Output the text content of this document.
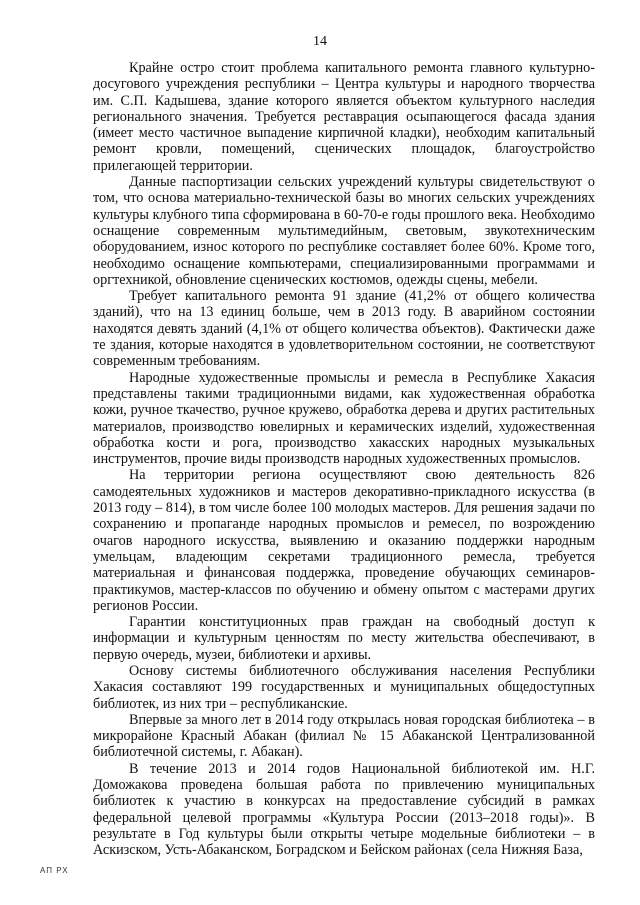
14

Крайне остро стоит проблема капитального ремонта главного культурно-досугового учреждения республики – Центра культуры и народного творчества им. С.П. Кадышева, здание которого является объектом культурного наследия регионального значения. Требуется реставрация осыпающегося фасада здания (имеет место частичное выпадение кирпичной кладки), необходим капитальный ремонт кровли, помещений, сценических площадок, благоустройство прилегающей территории.

Данные паспортизации сельских учреждений культуры свидетельствуют о том, что основа материально-технической базы во многих сельских учреждениях культуры клубного типа сформирована в 60-70-е годы прошлого века. Необходимо оснащение современным мультимедийным, световым, звукотехническим оборудованием, износ которого по республике составляет более 60%. Кроме того, необходимо оснащение компьютерами, специализированными программами и оргтехникой, обновление сценических костюмов, одежды сцены, мебели.

Требует капитального ремонта 91 здание (41,2% от общего количества зданий), что на 13 единиц больше, чем в 2013 году. В аварийном состоянии находятся девять зданий (4,1% от общего количества объектов). Фактически даже те здания, которые находятся в удовлетворительном состоянии, не соответствуют современным требованиям.

Народные художественные промыслы и ремесла в Республике Хакасия представлены такими традиционными видами, как художественная обработка кожи, ручное ткачество, ручное кружево, обработка дерева и других растительных материалов, производство ювелирных и керамических изделий, художественная обработка кости и рога, производство хакасских народных музыкальных инструментов, прочие виды производств народных художественных промыслов.

На территории региона осуществляют свою деятельность 826 самодеятельных художников и мастеров декоративно-прикладного искусства (в 2013 году – 814), в том числе более 100 молодых мастеров. Для решения задачи по сохранению и пропаганде народных промыслов и ремесел, по возрождению очагов народного искусства, выявлению и оказанию поддержки народным умельцам, владеющим секретами традиционного ремесла, требуется материальная и финансовая поддержка, проведение обучающих семинаров-практикумов, мастер-классов по обучению и обмену опытом с мастерами других регионов России.

Гарантии конституционных прав граждан на свободный доступ к информации и культурным ценностям по месту жительства обеспечивают, в первую очередь, музеи, библиотеки и архивы.

Основу системы библиотечного обслуживания населения Республики Хакасия составляют 199 государственных и муниципальных общедоступных библиотек, из них три – республиканские.

Впервые за много лет в 2014 году открылась новая городская библиотека – в микрорайоне Красный Абакан (филиал № 15 Абаканской Централизованной библиотечной системы, г. Абакан).

В течение 2013 и 2014 годов Национальной библиотекой им. Н.Г. Доможакова проведена большая работа по привлечению муниципальных библиотек к участию в конкурсах на предоставление субсидий в рамках федеральной целевой программы «Культура России (2013–2018 годы)». В результате в Год культуры были открыты четыре модельные библиотеки – в Аскизском, Усть-Абаканском, Боградском и Бейском районах (села Нижняя База,

АП РХ
